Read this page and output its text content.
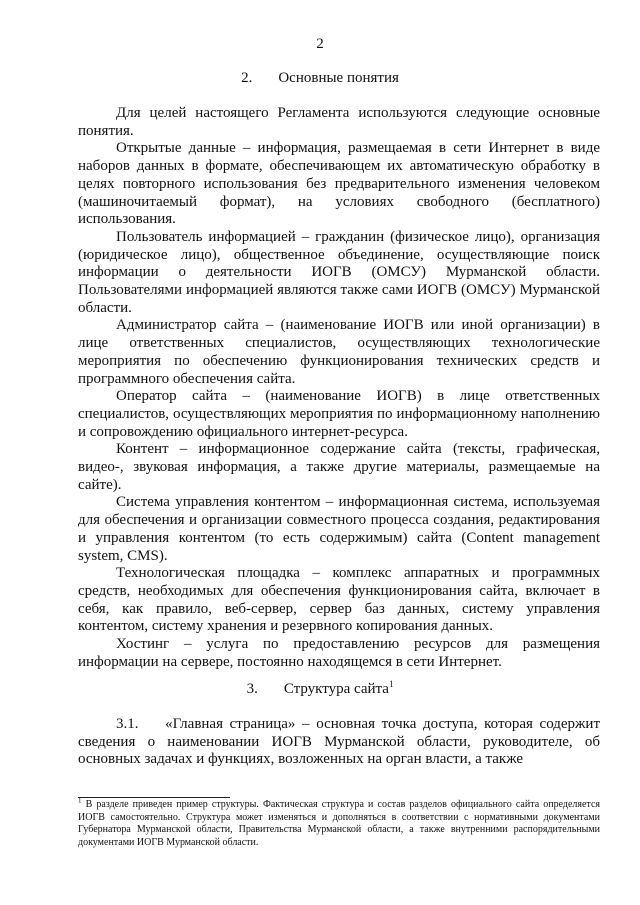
2
2. Основные понятия

Для целей настоящего Регламента используются следующие основные понятия.

Открытые данные – информация, размещаемая в сети Интернет в виде наборов данных в формате, обеспечивающем их автоматическую обработку в целях повторного использования без предварительного изменения человеком (машиночитаемый формат), на условиях свободного (бесплатного) использования.

Пользователь информацией – гражданин (физическое лицо), организация (юридическое лицо), общественное объединение, осуществляющие поиск информации о деятельности ИОГВ (ОМСУ) Мурманской области. Пользователями информацией являются также сами ИОГВ (ОМСУ) Мурманской области.

Администратор сайта – (наименование ИОГВ или иной организации) в лице ответственных специалистов, осуществляющих технологические мероприятия по обеспечению функционирования технических средств и программного обеспечения сайта.

Оператор сайта – (наименование ИОГВ) в лице ответственных специалистов, осуществляющих мероприятия по информационному наполнению и сопровождению официального интернет-ресурса.

Контент – информационное содержание сайта (тексты, графическая, видео-, звуковая информация, а также другие материалы, размещаемые на сайте).

Система управления контентом – информационная система, используемая для обеспечения и организации совместного процесса создания, редактирования и управления контентом (то есть содержимым) сайта (Content management system, CMS).

Технологическая площадка – комплекс аппаратных и программных средств, необходимых для обеспечения функционирования сайта, включает в себя, как правило, веб-сервер, сервер баз данных, систему управления контентом, систему хранения и резервного копирования данных.

Хостинг – услуга по предоставлению ресурсов для размещения информации на сервере, постоянно находящемся в сети Интернет.

3. Структура сайта$^1$

3.1.    «Главная страница» – основная точка доступа, которая содержит сведения о наименовании ИОГВ Мурманской области, руководителе, об основных задачах и функциях, возложенных на орган власти, а также

$^1$ В разделе приведен пример структуры. Фактическая структура и состав разделов официального сайта определяется ИОГВ самостоятельно. Структура может изменяться и дополняться в соответствии с нормативными документами Губернатора Мурманской области, Правительства Мурманской области, а также внутренними распорядительными документами ИОГВ Мурманской области.
